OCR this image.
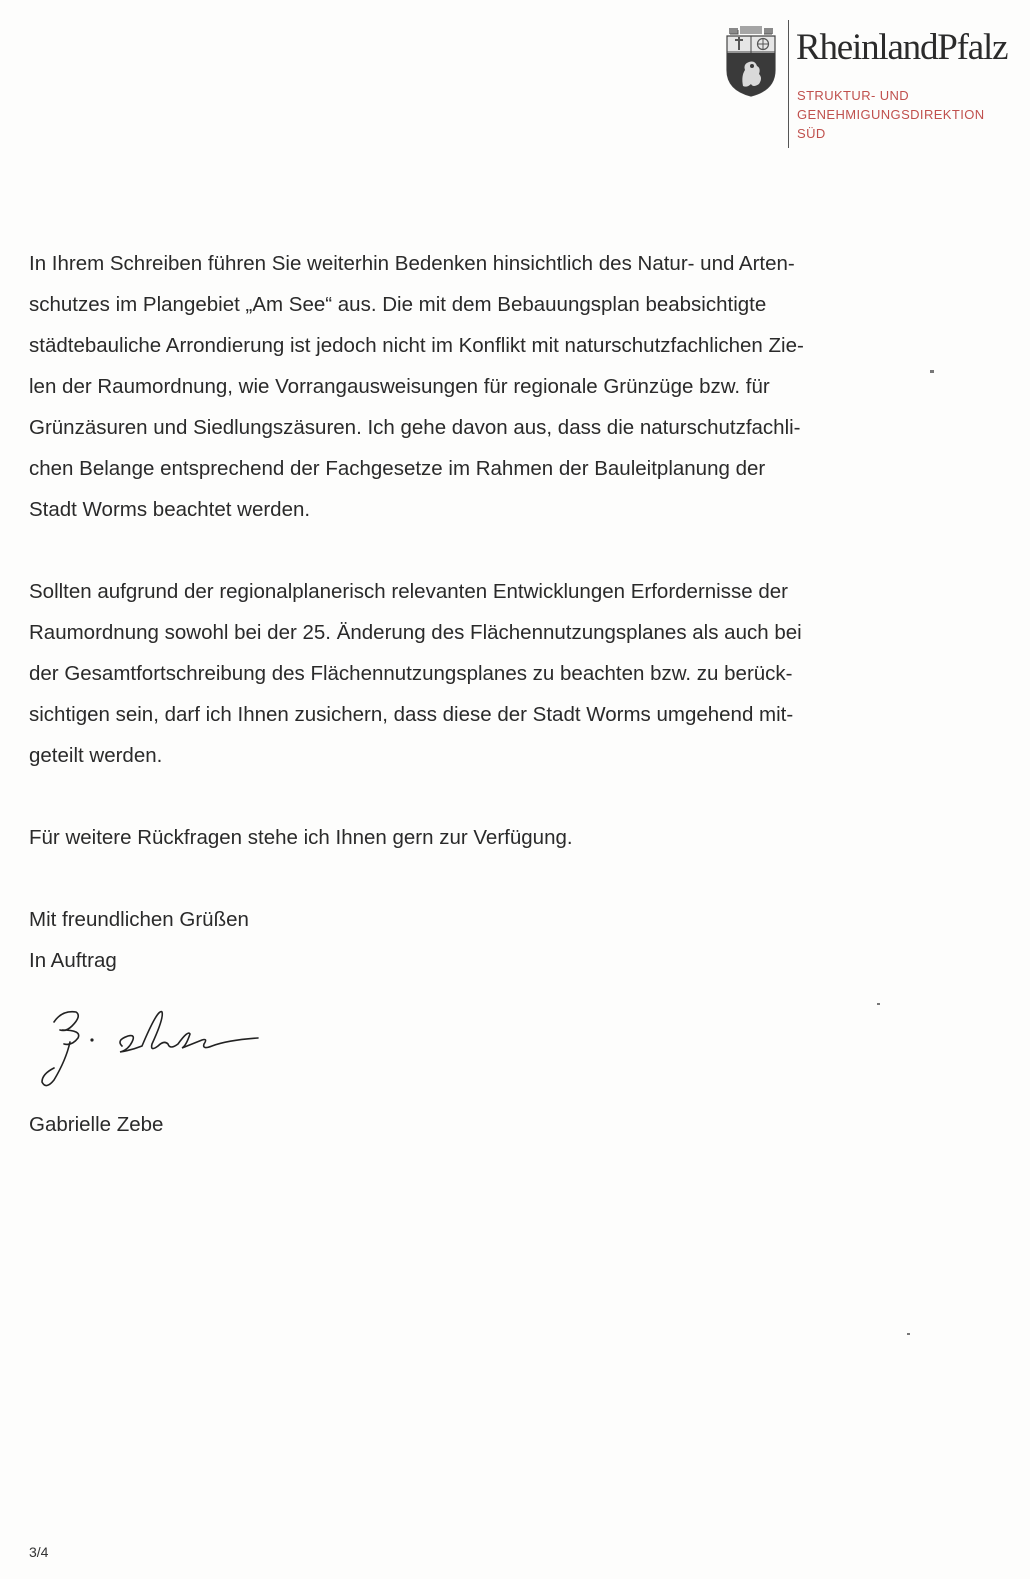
RheinlandPfalz
STRUKTUR- UND
GENEHMIGUNGSDIREKTION
SÜD
In Ihrem Schreiben führen Sie weiterhin Bedenken hinsichtlich des Natur- und Arten-
schutzes im Plangebiet „Am See“ aus. Die mit dem Bebauungsplan beabsichtigte
städtebauliche Arrondierung ist jedoch nicht im Konflikt mit naturschutzfachlichen Zie-
len der Raumordnung, wie Vorrangausweisungen für regionale Grünzüge bzw. für
Grünzäsuren und Siedlungszäsuren. Ich gehe davon aus, dass die naturschutzfachli-
chen Belange entsprechend der Fachgesetze im Rahmen der Bauleitplanung der
Stadt Worms beachtet werden.
Sollten aufgrund der regionalplanerisch relevanten Entwicklungen Erfordernisse der
Raumordnung sowohl bei der 25. Änderung des Flächennutzungsplanes als auch bei
der Gesamtfortschreibung des Flächennutzungsplanes zu beachten bzw. zu berück-
sichtigen sein, darf ich Ihnen zusichern, dass diese der Stadt Worms umgehend mit-
geteilt werden.
Für weitere Rückfragen stehe ich Ihnen gern zur Verfügung.
Mit freundlichen Grüßen
In Auftrag
Gabrielle Zebe
3/4
